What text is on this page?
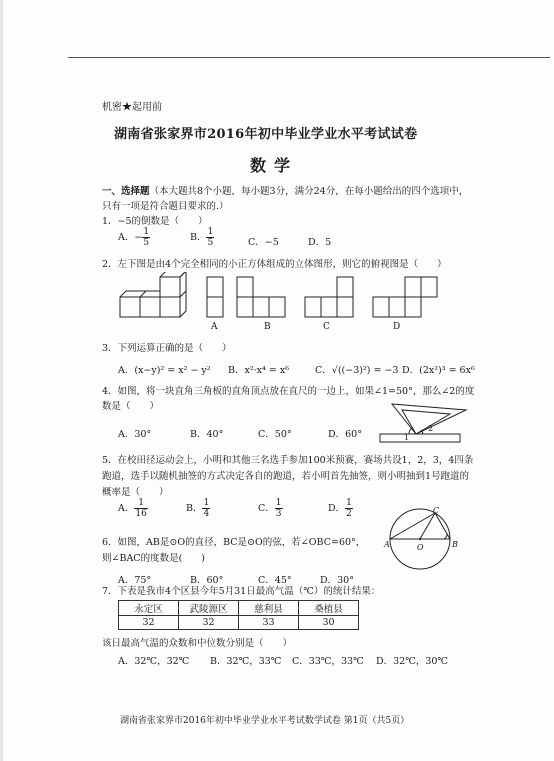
机密★起用前
湖南省张家界市2016年初中毕业学业水平考试试卷
数学
一、选择题（本大题共8个小题，每小题3分，满分24分，在每小题给出的四个选项中，
只有一项是符合题目要求的.）
1．−5的倒数是（　　）
A．− $\frac{1}{5}$	B． $\frac{1}{5}$	C．−5	D．5
2．左下图是由4个完全相同的小正方体组成的立体图形，则它的俯视图是（　　）
A	B	C	D
3．下列运算正确的是（　　）
A．(x−y)² = x² − y² B．x²·x⁴ = x⁶	C．√((−3)²) = −3 D．(2x²)³ = 6x⁶
4．如图，将一块直角三角板的直角顶点放在直尺的一边上，如果∠1=50°，那么∠2的度
数是（　　）
A．30°	B．40°	C．50°	D．60°	1
2
5．在校田径运动会上，小明和其他三名选手参加100米预赛，赛场共设1，2，3，4四条
跑道，选手以随机抽签的方式决定各自的跑道，若小明首先抽签，则小明抽到1号跑道的
概率是（　　）
A． $\frac{1}{16}$	B． $\frac{1}{4}$	C． $\frac{1}{3}$	D． $\frac{1}{2}$
6．如图，AB是⊙O的直径，BC是⊙O的弦，若∠OBC=60°，
则∠BAC的度数是(　　)
A．75°	B．60°	C．45°	D．30°
A	B
C
O
7．下表是我市4个区县今年5月31日最高气温（℃）的统计结果：
永定区	武陵源区	慈利县	桑植县
32	32	33	30
该日最高气温的众数和中位数分别是（　　）
A．32℃，32℃ B．32℃，33℃ C．33℃，33℃ D．32℃，30℃
湖南省张家界市2016年初中毕业学业水平考试数学试卷 第1页（共5页）
